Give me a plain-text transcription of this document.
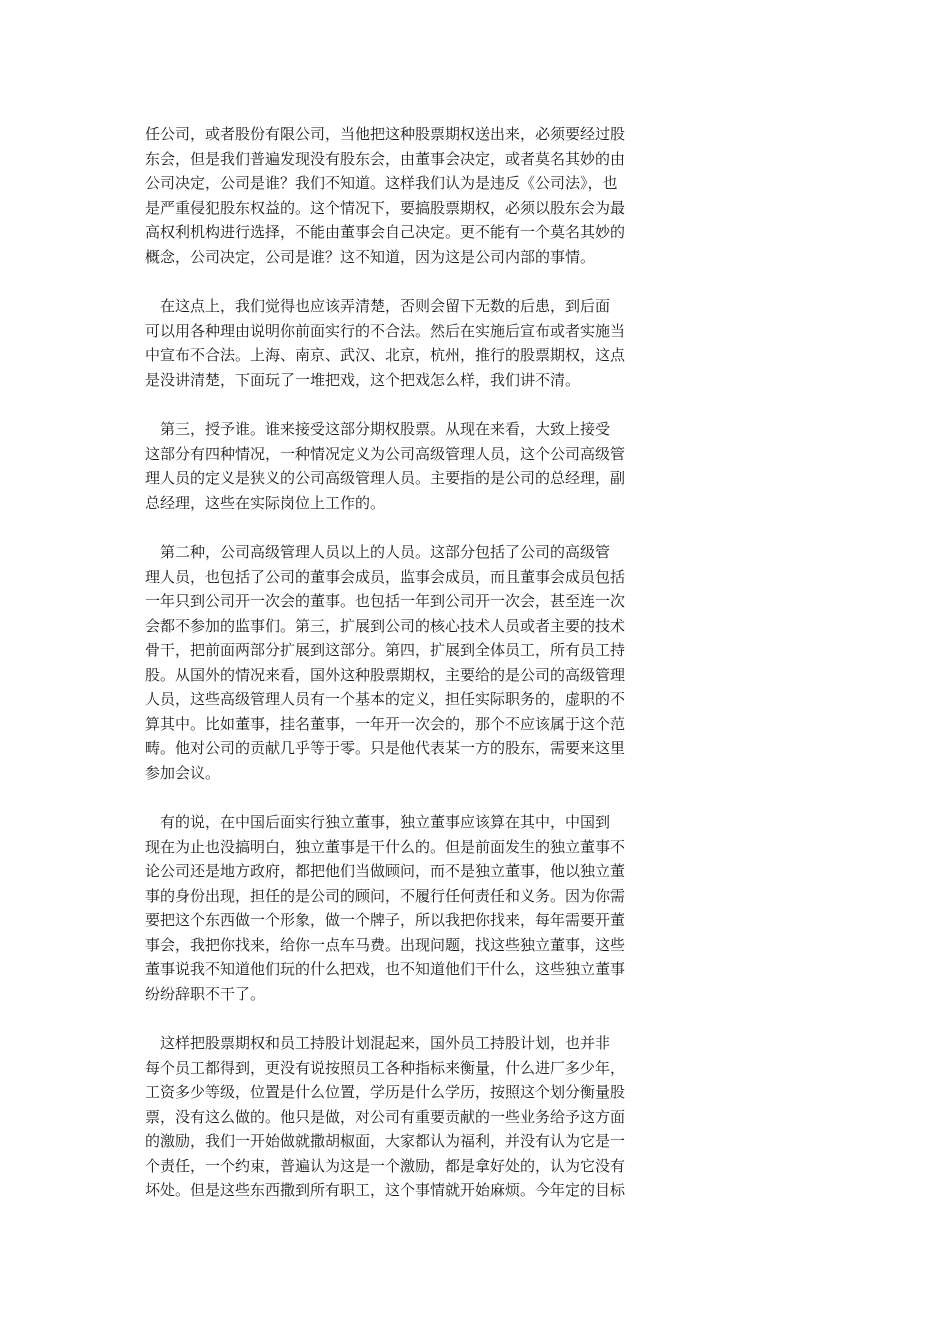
任公司，或者股份有限公司，当他把这种股票期权送出来，必须要经过股
东会，但是我们普遍发现没有股东会，由董事会决定，或者莫名其妙的由
公司决定，公司是谁？我们不知道。这样我们认为是违反《公司法》，也
是严重侵犯股东权益的。这个情况下，要搞股票期权，必须以股东会为最
高权利机构进行选择，不能由董事会自己决定。更不能有一个莫名其妙的
概念，公司决定，公司是谁？这不知道，因为这是公司内部的事情。
在这点上，我们觉得也应该弄清楚，否则会留下无数的后患，到后面
可以用各种理由说明你前面实行的不合法。然后在实施后宣布或者实施当
中宣布不合法。上海、南京、武汉、北京，杭州，推行的股票期权，这点
是没讲清楚，下面玩了一堆把戏，这个把戏怎么样，我们讲不清。
第三，授予谁。谁来接受这部分期权股票。从现在来看，大致上接受
这部分有四种情况，一种情况定义为公司高级管理人员，这个公司高级管
理人员的定义是狭义的公司高级管理人员。主要指的是公司的总经理，副
总经理，这些在实际岗位上工作的。
第二种，公司高级管理人员以上的人员。这部分包括了公司的高级管
理人员，也包括了公司的董事会成员，监事会成员，而且董事会成员包括
一年只到公司开一次会的董事。也包括一年到公司开一次会，甚至连一次
会都不参加的监事们。第三，扩展到公司的核心技术人员或者主要的技术
骨干，把前面两部分扩展到这部分。第四，扩展到全体员工，所有员工持
股。从国外的情况来看，国外这种股票期权，主要给的是公司的高级管理
人员，这些高级管理人员有一个基本的定义，担任实际职务的，虚职的不
算其中。比如董事，挂名董事，一年开一次会的，那个不应该属于这个范
畴。他对公司的贡献几乎等于零。只是他代表某一方的股东，需要来这里
参加会议。
有的说，在中国后面实行独立董事，独立董事应该算在其中，中国到
现在为止也没搞明白，独立董事是干什么的。但是前面发生的独立董事不
论公司还是地方政府，都把他们当做顾问，而不是独立董事，他以独立董
事的身份出现，担任的是公司的顾问，不履行任何责任和义务。因为你需
要把这个东西做一个形象，做一个牌子，所以我把你找来，每年需要开董
事会，我把你找来，给你一点车马费。出现问题，找这些独立董事，这些
董事说我不知道他们玩的什么把戏，也不知道他们干什么，这些独立董事
纷纷辞职不干了。
这样把股票期权和员工持股计划混起来，国外员工持股计划，也并非
每个员工都得到，更没有说按照员工各种指标来衡量，什么进厂多少年，
工资多少等级，位置是什么位置，学历是什么学历，按照这个划分衡量股
票，没有这么做的。他只是做，对公司有重要贡献的一些业务给予这方面
的激励，我们一开始做就撒胡椒面，大家都认为福利，并没有认为它是一
个责任，一个约束，普遍认为这是一个激励，都是拿好处的，认为它没有
坏处。但是这些东西撒到所有职工，这个事情就开始麻烦。今年定的目标
